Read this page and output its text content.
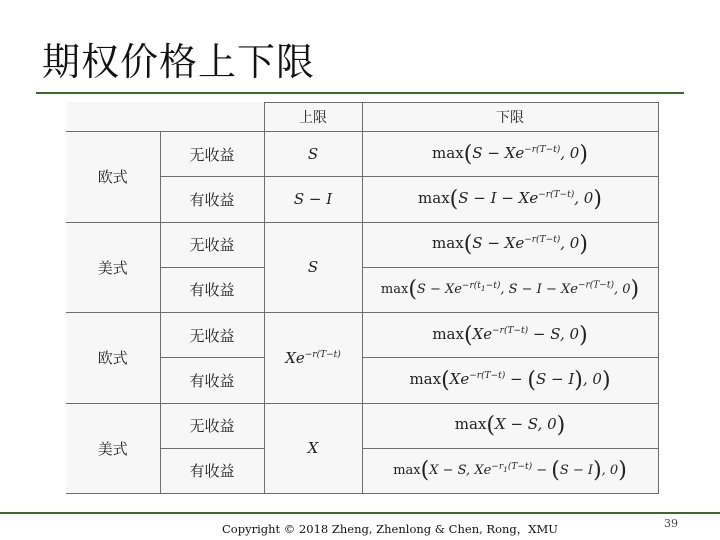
期权价格上下限
		上限	下限
欧式	无收益	S	$\max(S - Xe^{-r(T-t)}$, 0)
	有收益	S − I	$\max(S - I - Xe^{-r(T-t)}$, 0)
美式	无收益	S	$\max(S - Xe^{-r(T-t)}$, 0)
	有收益		$\max(S - Xe^{-r(t_1-t)}$, $S - I - Xe^{-r(T-t)}$, 0)
欧式	无收益	$Xe^{-r(T-t)}$	$\max(Xe^{-r(T-t)} - S$, 0)
	有收益		$\max(Xe^{-r(T-t)} - (S - I)$, 0)
美式	无收益	X	max(X − S, 0)
	有收益		max(X − S, $Xe^{-r_1(T-t)} - (S - I)$, 0)
Copyright © 2018 Zheng, Zhenlong & Chen, Rong，XMU	39
